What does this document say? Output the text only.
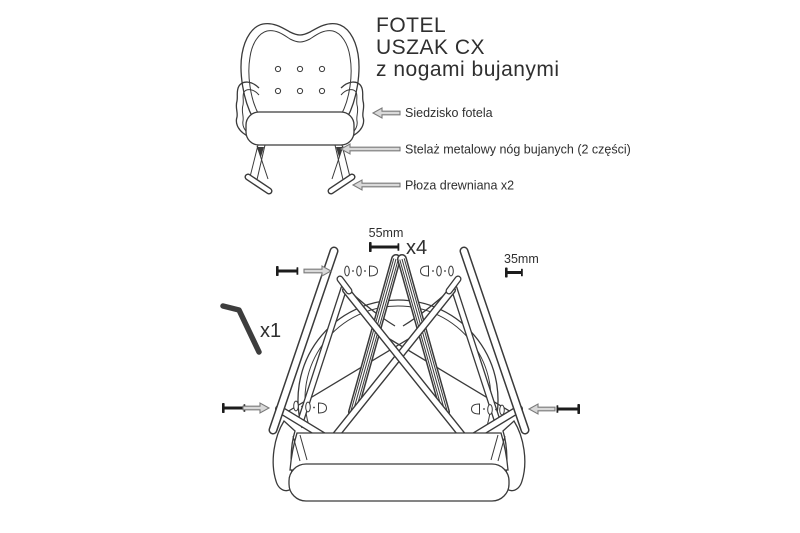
FOTEL
USZAK CX
z nogami bujanymi
Siedzisko fotela
Stelaż metalowy nóg bujanych (2 części)
Płoza drewniana x2
55mm
x4	35mm
x1
